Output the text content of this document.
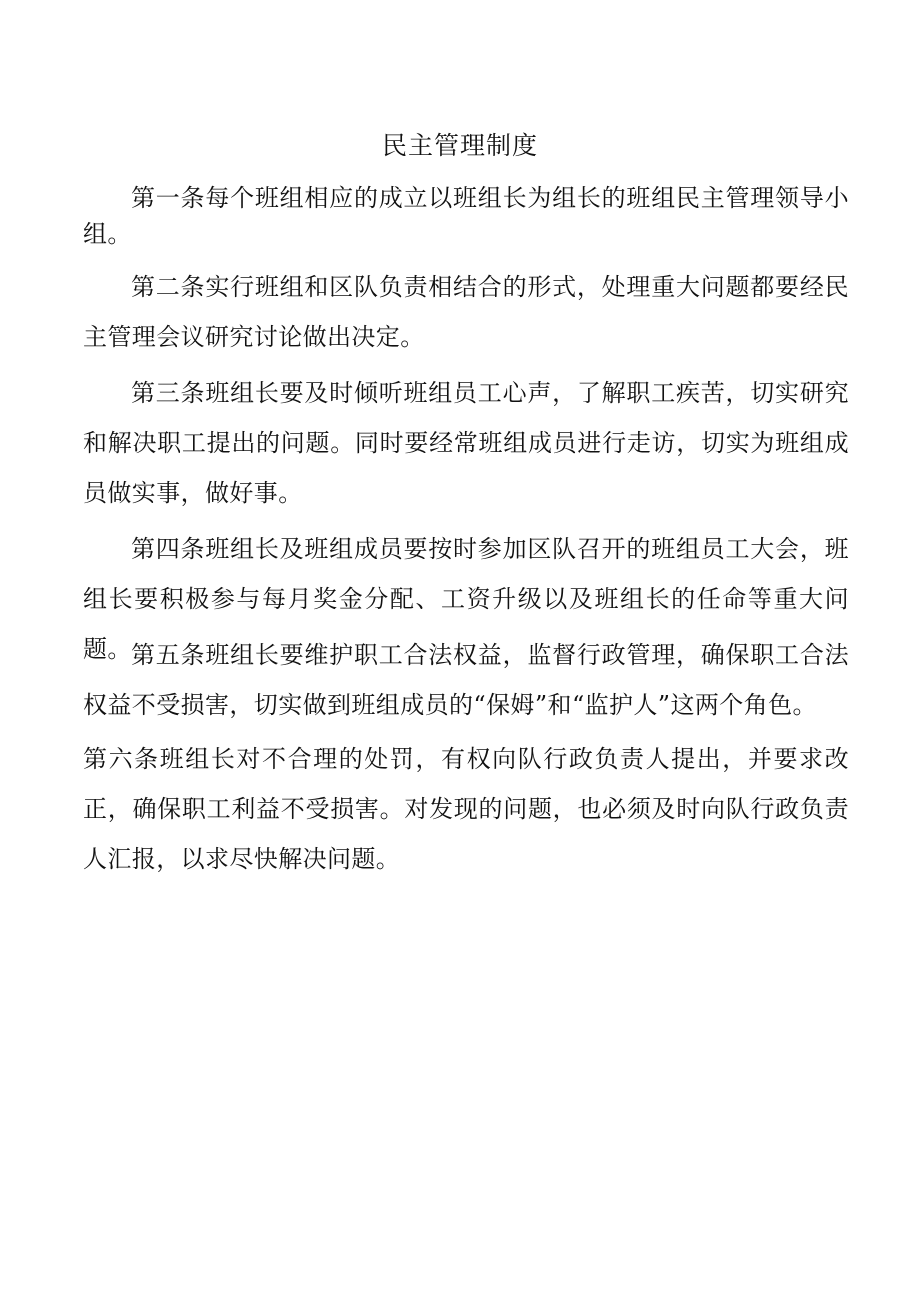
民主管理制度

第一条每个班组相应的成立以班组长为组长的班组民主管理领导小组。

第二条实行班组和区队负责相结合的形式，处理重大问题都要经民主管理会议研究讨论做出决定。

第三条班组长要及时倾听班组员工心声，了解职工疾苦，切实研究和解决职工提出的问题。同时要经常班组成员进行走访，切实为班组成员做实事，做好事。

第四条班组长及班组成员要按时参加区队召开的班组员工大会，班组长要积极参与每月奖金分配、工资升级以及班组长的任命等重大问题。 第五条班组长要维护职工合法权益，监督行政管理，确保职工合法权益不受损害，切实做到班组成员的“保姆”和“监护人”这两个角色。

第六条班组长对不合理的处罚，有权向队行政负责人提出，并要求改正，确保职工利益不受损害。对发现的问题，也必须及时向队行政负责人汇报，以求尽快解决问题。
